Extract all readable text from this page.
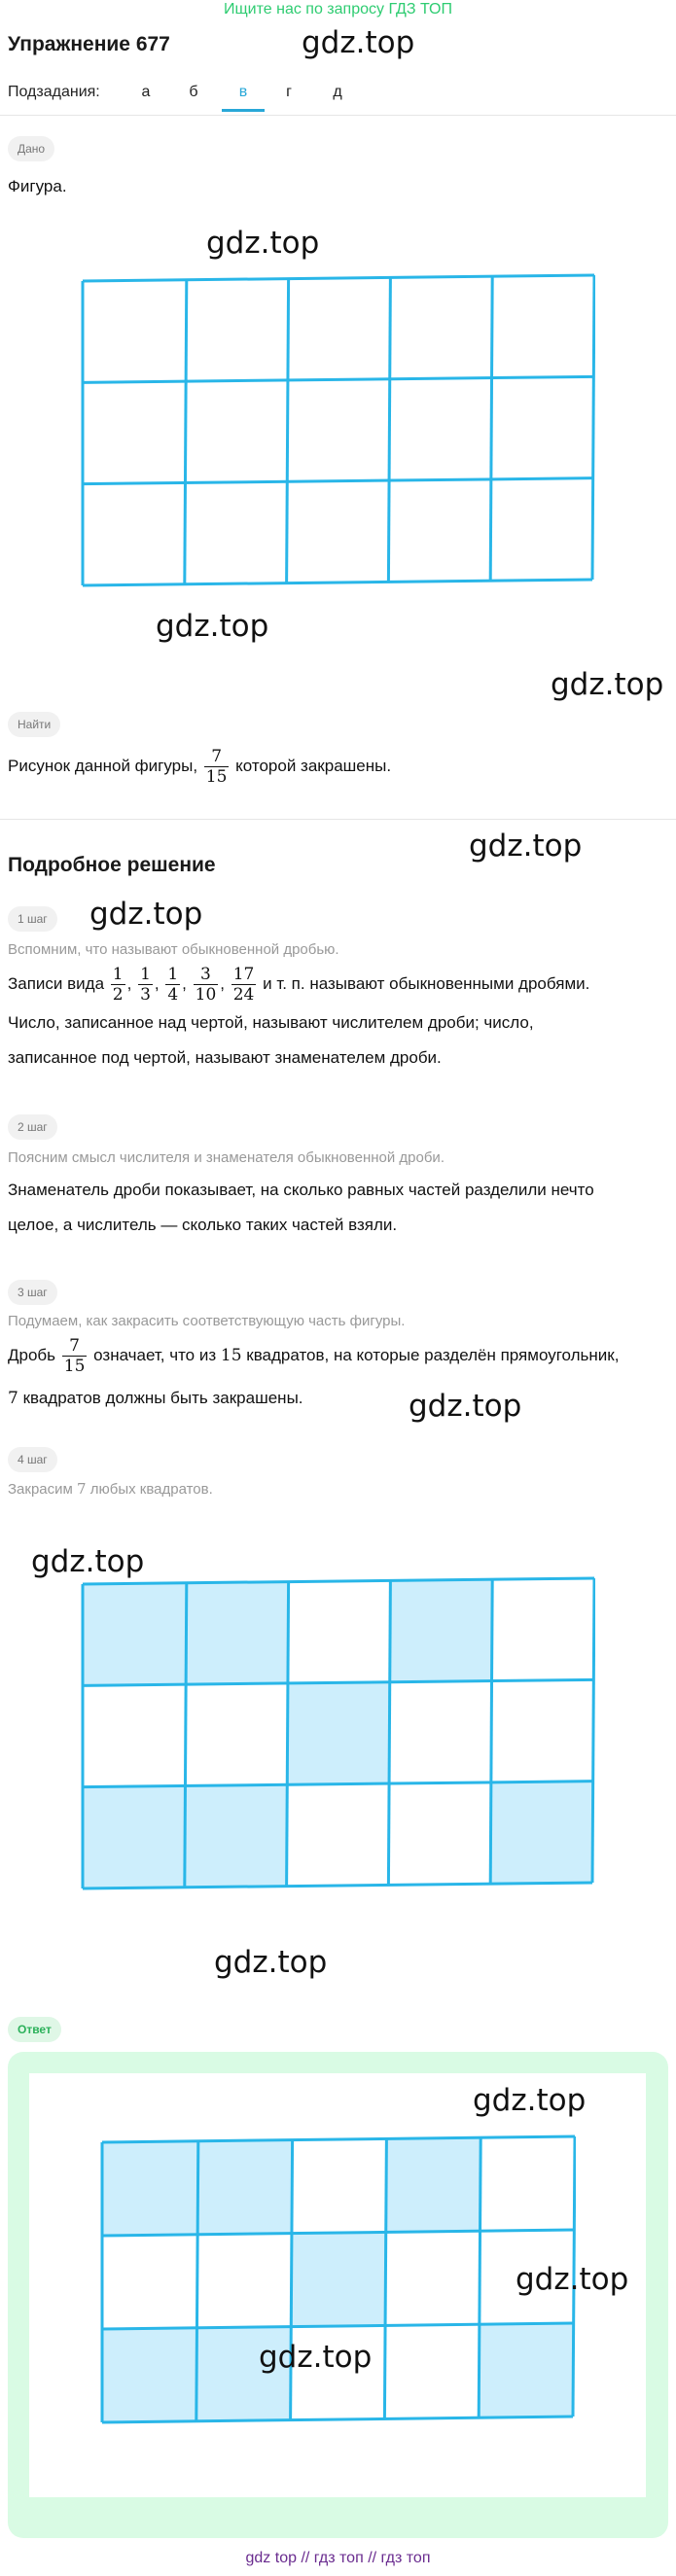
Ищите нас по запросу ГДЗ ТОП
Упражнение 677	gdz.top
Подзадания:	а	б	в	г	д
Дано
Фигура.
gdz.top
gdz.top
gdz.top
Найти
Рисунок данной фигуры, $\frac{7}{15}$ которой закрашены.
Подробное решение
gdz.top
1 шаг	gdz.top
Вспомним, что называют обыкновенной дробью.
Записи вида $\frac{1}{2}$ , $\frac{1}{3}$ , $\frac{1}{4}$ , $\frac{3}{10}$ , $\frac{17}{24}$ и т. п. называют обыкновенными дробями.
Число, записанное над чертой, называют числителем дроби; число,
записанное под чертой, называют знаменателем дроби.
2 шаг
Поясним смысл числителя и знаменателя обыкновенной дроби.
Знаменатель дроби показывает, на сколько равных частей разделили нечто
целое, а числитель — сколько таких частей взяли.
3 шаг
Подумаем, как закрасить соответствующую часть фигуры.
Дробь $\frac{7}{15}$ означает, что из 15 квадратов, на которые разделён прямоугольник,
7 квадратов должны быть закрашены.	gdz.top
4 шаг
Закрасим 7 любых квадратов.
gdz.top
gdz.top
Ответ
gdz.top
gdz.top
gdz.top
gdz top // гдз топ // гдз топ
